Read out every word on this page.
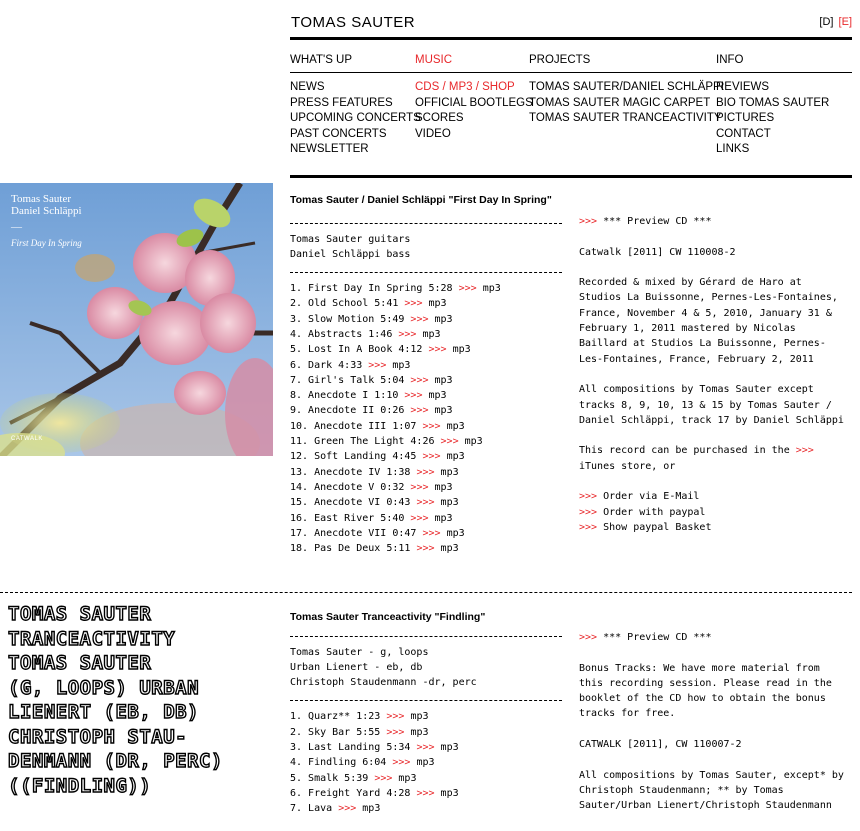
TOMAS SAUTER	[D] [E]
WHAT'S UP
NEWS
PRESS FEATURES
UPCOMING CONCERTS
PAST CONCERTS
NEWSLETTER
MUSIC
CDS / MP3 / SHOP
OFFICIAL BOOTLEGS
SCORES
VIDEO
PROJECTS
TOMAS SAUTER/DANIEL SCHLÄPPI
TOMAS SAUTER MAGIC CARPET
TOMAS SAUTER TRANCEACTIVITY
INFO
REVIEWS
BIO TOMAS SAUTER
PICTURES
CONTACT
LINKS
Tomas Sauter
Daniel Schläppi
—
First Day In Spring
CATWALK
Tomas Sauter / Daniel Schläppi "First Day In Spring"
Tomas Sauter guitars
Daniel Schläppi bass
1. First Day In Spring 5:28 >>> mp3
2. Old School 5:41 >>> mp3
3. Slow Motion 5:49 >>> mp3
4. Abstracts 1:46 >>> mp3
5. Lost In A Book 4:12 >>> mp3
6. Dark 4:33 >>> mp3
7. Girl's Talk 5:04 >>> mp3
8. Anecdote I 1:10 >>> mp3
9. Anecdote II 0:26 >>> mp3
10. Anecdote III 1:07 >>> mp3
11. Green The Light 4:26 >>> mp3
12. Soft Landing 4:45 >>> mp3
13. Anecdote IV 1:38 >>> mp3
14. Anecdote V 0:32 >>> mp3
15. Anecdote VI 0:43 >>> mp3
16. East River 5:40 >>> mp3
17. Anecdote VII 0:47 >>> mp3
18. Pas De Deux 5:11 >>> mp3

>>> *** Preview CD ***

Catwalk [2011] CW 110008-2

Recorded & mixed by Gérard de Haro at Studios La Buissonne, Pernes-Les-Fontaines, France, November 4 & 5, 2010, January 31 & February 1, 2011 mastered by Nicolas Baillard at Studios La Buissonne, Pernes-Les-Fontaines, France, February 2, 2011

All compositions by Tomas Sauter except tracks 8, 9, 10, 13 & 15 by Tomas Sauter / Daniel Schläppi, track 17 by Daniel Schläppi

This record can be purchased in the >>> iTunes store, or

>>> Order via E-Mail
>>> Order with paypal
>>> Show paypal Basket
TOMAS SAUTER
TRANCEACTIVITY
TOMAS SAUTER
(G, LOOPS) URBAN
LIENERT (EB, DB)
CHRISTOPH STAU-
DENMANN (DR, PERC)
((FINDLING))
Tomas Sauter Tranceactivity "Findling"
Tomas Sauter - g, loops
Urban Lienert - eb, db
Christoph Staudenmann -dr, perc
1. Quarz** 1:23 >>> mp3
2. Sky Bar 5:55 >>> mp3
3. Last Landing 5:34 >>> mp3
4. Findling 6:04 >>> mp3
5. Smalk 5:39 >>> mp3
6. Freight Yard 4:28 >>> mp3
7. Lava >>> mp3

>>> *** Preview CD ***

Bonus Tracks: We have more material from this recording session. Please read in the booklet of the CD how to obtain the bonus tracks for free.

CATWALK [2011], CW 110007-2

All compositions by Tomas Sauter, except* by Christoph Staudenmann; ** by Tomas Sauter/Urban Lienert/Christoph Staudenmann
